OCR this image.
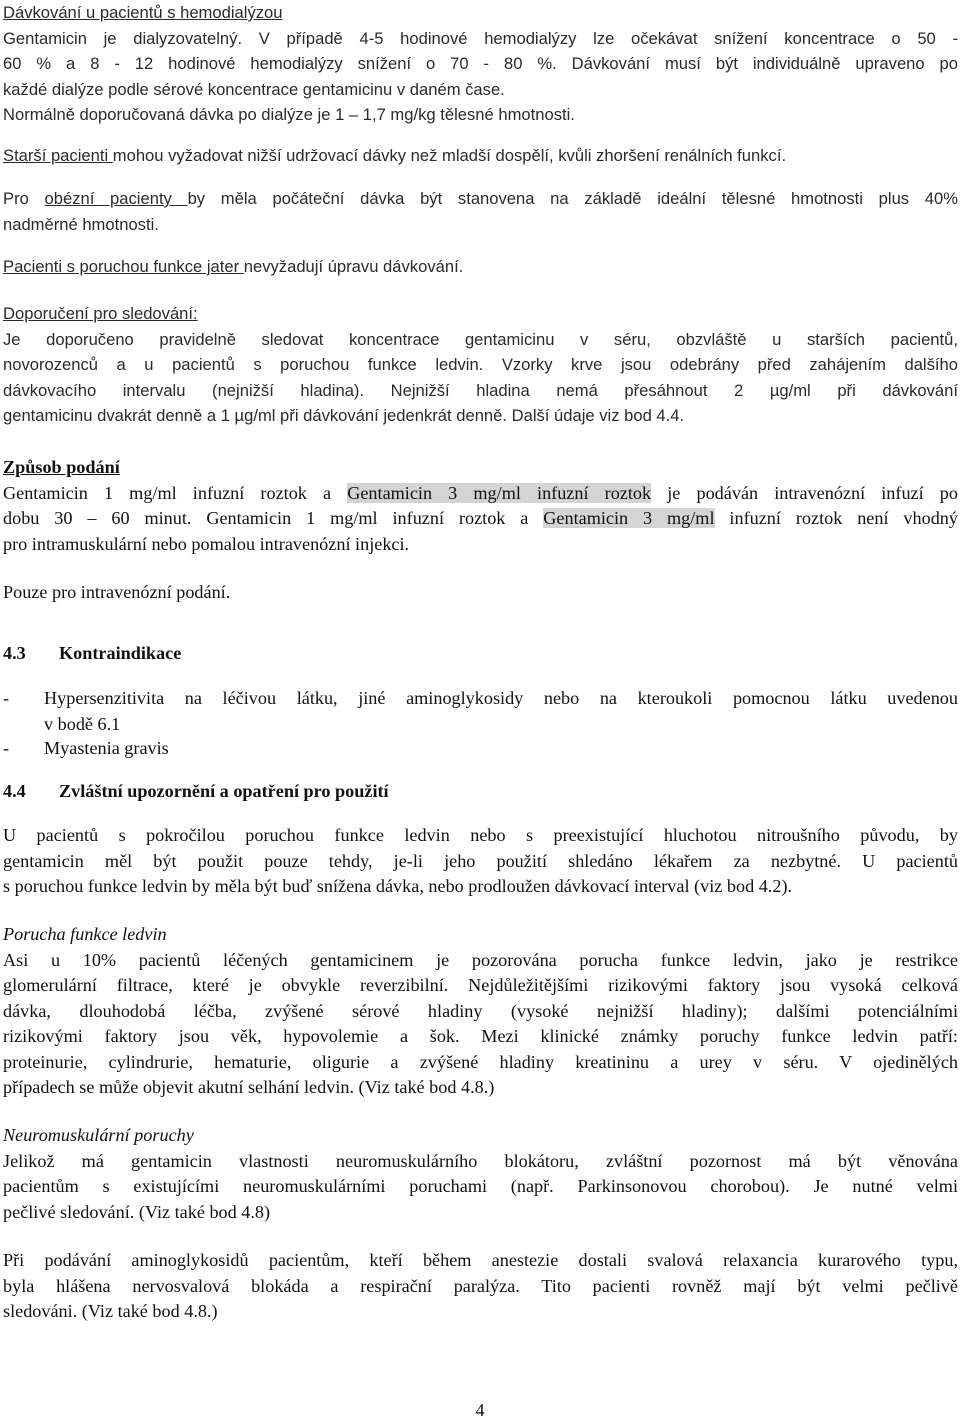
Dávkování u pacientů s hemodialýzou
Gentamicin je dialyzovatelný. V případě 4-5 hodinové hemodialýzy lze očekávat snížení koncentrace o 50 -
60 % a 8 - 12 hodinové hemodialýzy snížení o 70 - 80 %. Dávkování musí být individuálně upraveno po
každé dialýze podle sérové koncentrace gentamicinu v daném čase.
Normálně doporučovaná dávka po dialýze je 1 – 1,7 mg/kg tělesné hmotnosti.
Starší pacienti mohou vyžadovat nižší udržovací dávky než mladší dospělí, kvůli zhoršení renálních funkcí.
Pro obézní pacienty by měla počáteční dávka být stanovena na základě ideální tělesné hmotnosti plus 40%
nadměrné hmotnosti.
Pacienti s poruchou funkce jater nevyžadují úpravu dávkování.
Doporučení pro sledování:
Je doporučeno pravidelně sledovat koncentrace gentamicinu v séru, obzvláště u starších pacientů,
novorozenců a u pacientů s poruchou funkce ledvin. Vzorky krve jsou odebrány před zahájením dalšího
dávkovacího intervalu (nejnižší hladina). Nejnižší hladina nemá přesáhnout 2 µg/ml při dávkování
gentamicinu dvakrát denně a 1 µg/ml při dávkování jedenkrát denně. Další údaje viz bod 4.4.
Způsob podání
Gentamicin 1 mg/ml infuzní roztok a Gentamicin 3 mg/ml infuzní roztok je podáván intravenózní infuzí po
dobu 30 – 60 minut. Gentamicin 1 mg/ml infuzní roztok a Gentamicin 3 mg/ml infuzní roztok není vhodný
pro intramuskulární nebo pomalou intravenózní injekci.
Pouze pro intravenózní podání.
4.3 Kontraindikace
- Hypersenzitivita na léčivou látku, jiné aminoglykosidy nebo na kteroukoli pomocnou látku uvedenou
v bodě 6.1
- Myastenia gravis
4.4 Zvláštní upozornění a opatření pro použití
U pacientů s pokročilou poruchou funkce ledvin nebo s preexistující hluchotou nitroušního původu, by
gentamicin měl být použit pouze tehdy, je-li jeho použití shledáno lékařem za nezbytné. U pacientů
s poruchou funkce ledvin by měla být buď snížena dávka, nebo prodloužen dávkovací interval (viz bod 4.2).
Porucha funkce ledvin
Asi u 10% pacientů léčených gentamicinem je pozorována porucha funkce ledvin, jako je restrikce
glomerulární filtrace, které je obvykle reverzibilní. Nejdůležitějšími rizikovými faktory jsou vysoká celková
dávka, dlouhodobá léčba, zvýšené sérové hladiny (vysoké nejnižší hladiny); dalšími potenciálními
rizikovými faktory jsou věk, hypovolemie a šok. Mezi klinické známky poruchy funkce ledvin patří:
proteinurie, cylindrurie, hematurie, oligurie a zvýšené hladiny kreatininu a urey v séru. V ojedinělých
případech se může objevit akutní selhání ledvin. (Viz také bod 4.8.)
Neuromuskulární poruchy
Jelikož má gentamicin vlastnosti neuromuskulárního blokátoru, zvláštní pozornost má být věnována
pacientům s existujícími neuromuskulárními poruchami (např. Parkinsonovou chorobou). Je nutné velmi
pečlivé sledování. (Viz také bod 4.8)
Při podávání aminoglykosidů pacientům, kteří během anestezie dostali svalová relaxancia kurarového typu,
byla hlášena nervosvalová blokáda a respirační paralýza. Tito pacienti rovněž mají být velmi pečlivě
sledováni. (Viz také bod 4.8.)
4
